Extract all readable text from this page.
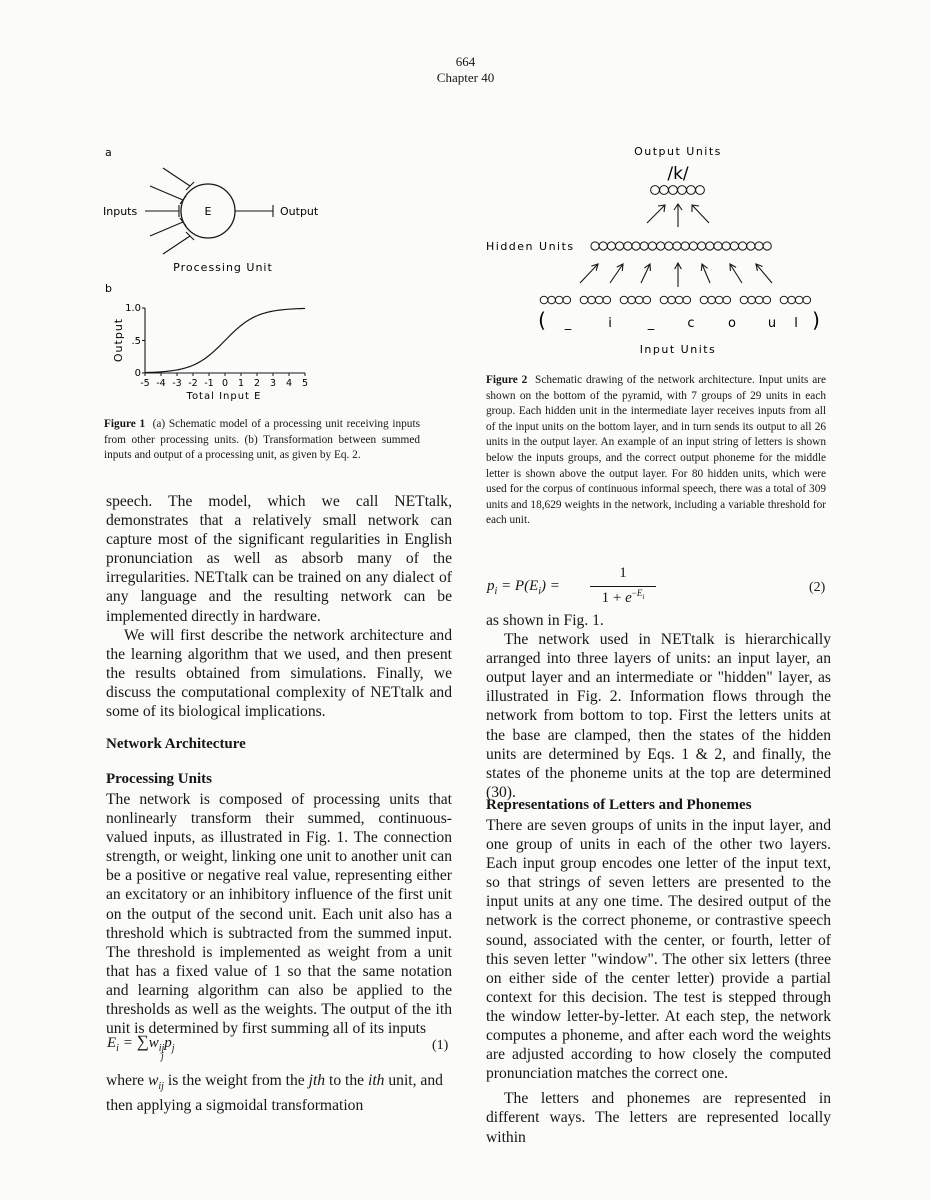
664
Chapter 40
a
E
Inputs	Output
Processing Unit
b
1.0
.5
0
Output
-5 -4 -3 -2 -1 0 1 2 3 4 5
Total Input E
Figure 1 (a) Schematic model of a processing unit receiving inputs from other processing units. (b) Transformation between summed inputs and output of a processing unit, as given by Eq. 2.
Output Units
/k/
Hidden Units
( _	i	_	c	o u l )
Input Units
Figure 2 Schematic drawing of the network architecture. Input units are shown on the bottom of the pyramid, with 7 groups of 29 units in each group. Each hidden unit in the intermediate layer receives inputs from all of the input units on the bottom layer, and in turn sends its output to all 26 units in the output layer. An example of an input string of letters is shown below the inputs groups, and the correct output phoneme for the middle letter is shown above the output layer. For 80 hidden units, which were used for the corpus of continuous informal speech, there was a total of 309 units and 18,629 weights in the network, including a variable threshold for each unit.

speech. The model, which we call NETtalk, demonstrates that a relatively small network can capture most of the significant regularities in English pronunciation as well as absorb many of the irregularities. NETtalk can be trained on any dialect of any language and the resulting network can be implemented directly in hardware.

We will first describe the network architecture and the learning algorithm that we used, and then present the results obtained from simulations. Finally, we discuss the computational complexity of NETtalk and some of its biological implications.

Network Architecture
Processing Units

The network is composed of processing units that nonlinearly transform their summed, continuous-valued inputs, as illustrated in Fig. 1. The connection strength, or weight, linking one unit to another unit can be a positive or negative real value, representing either an excitatory or an inhibitory influence of the first unit on the output of the second unit. Each unit also has a threshold which is subtracted from the summed input. The threshold is implemented as weight from a unit that has a fixed value of 1 so that the same notation and learning algorithm can also be applied to the thresholds as well as the weights. The output of the ith unit is determined by first summing all of its inputs

$E_i = \sum w_{ij}p_j$
j
(1)

where $w_{ij}$ is the weight from the jth to the ith unit, and then applying a sigmoidal transformation

$p_i = P(E_i)$ =
1
$1 + e^{-E_i}$
(2)

as shown in Fig. 1.

The network used in NETtalk is hierarchically arranged into three layers of units: an input layer, an output layer and an intermediate or "hidden" layer, as illustrated in Fig. 2. Information flows through the network from bottom to top. First the letters units at the base are clamped, then the states of the hidden units are determined by Eqs. 1 & 2, and finally, the states of the phoneme units at the top are determined (30).

Representations of Letters and Phonemes

There are seven groups of units in the input layer, and one group of units in each of the other two layers. Each input group encodes one letter of the input text, so that strings of seven letters are presented to the input units at any one time. The desired output of the network is the correct phoneme, or contrastive speech sound, associated with the center, or fourth, letter of this seven letter "window". The other six letters (three on either side of the center letter) provide a partial context for this decision. The test is stepped through the window letter-by-letter. At each step, the network computes a phoneme, and after each word the weights are adjusted according to how closely the computed pronunciation matches the correct one.

The letters and phonemes are represented in different ways. The letters are represented locally within
